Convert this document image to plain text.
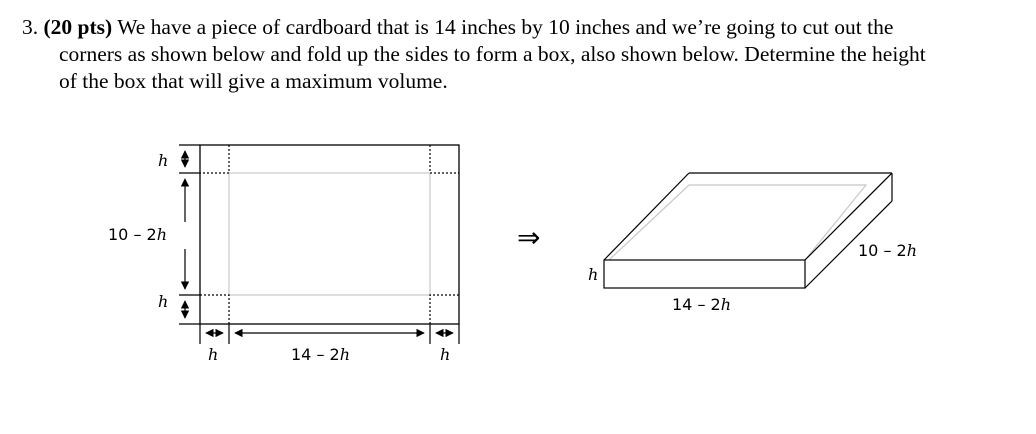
3. (20 pts) We have a piece of cardboard that is 14 inches by 10 inches and we’re going to cut out the
corners as shown below and fold up the sides to form a box, also shown below. Determine the height
of the box that will give a maximum volume.
h
10 – 2h
h
h	14 – 2h	h
⇒
h
14 – 2h
10 – 2h
